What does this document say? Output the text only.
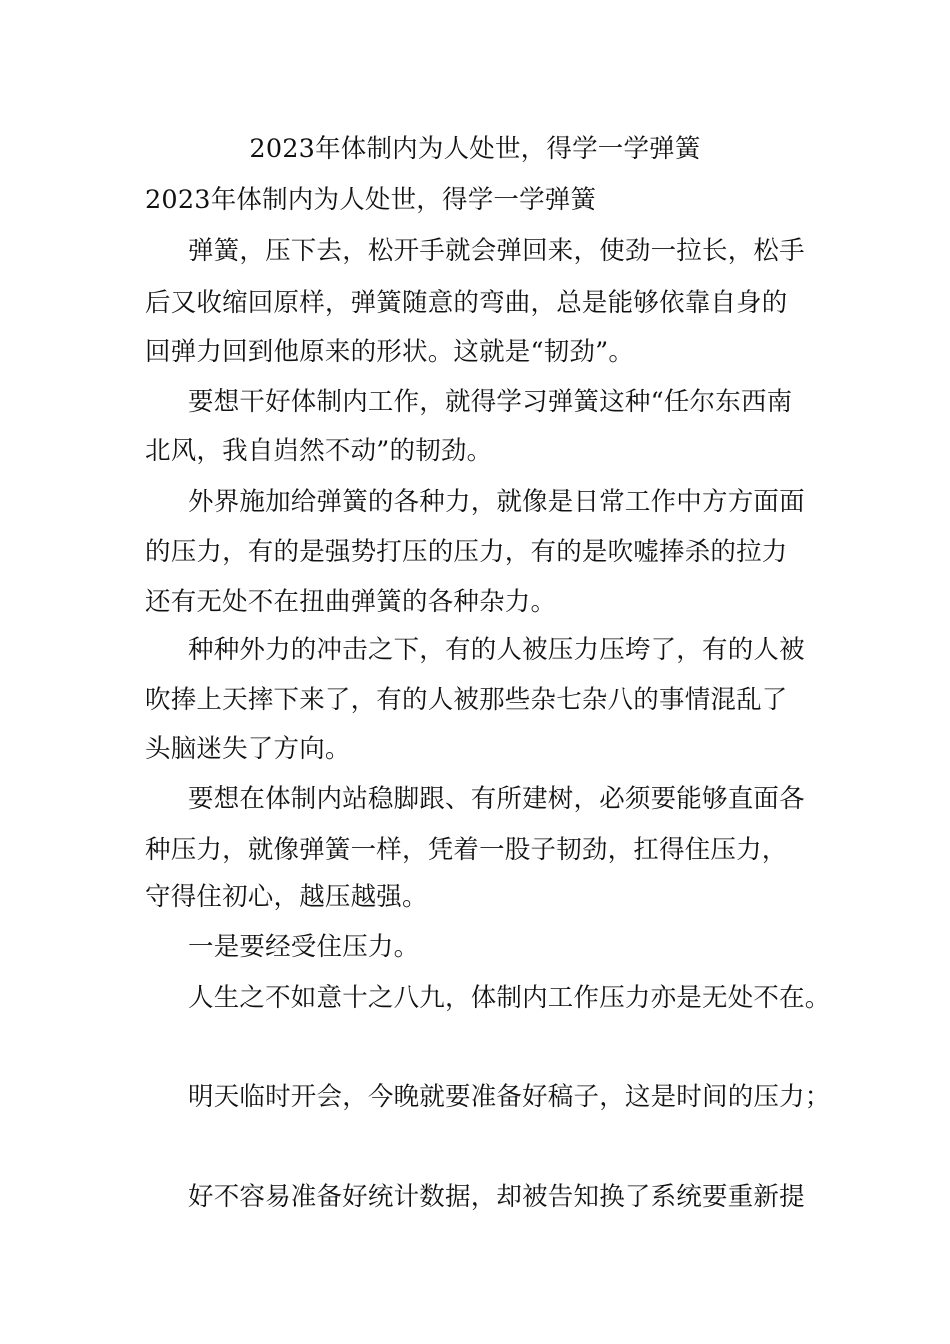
2023年体制内为人处世，得学一学弹簧
2023年体制内为人处世，得学一学弹簧
弹簧，压下去，松开手就会弹回来，使劲一拉长，松手
后又收缩回原样，弹簧随意的弯曲，总是能够依靠自身的
回弹力回到他原来的形状。这就是“韧劲”。
要想干好体制内工作，就得学习弹簧这种“任尔东西南
北风，我自岿然不动”的韧劲。
外界施加给弹簧的各种力，就像是日常工作中方方面面
的压力，有的是强势打压的压力，有的是吹嘘捧杀的拉力
还有无处不在扭曲弹簧的各种杂力。
种种外力的冲击之下，有的人被压力压垮了，有的人被
吹捧上天摔下来了，有的人被那些杂七杂八的事情混乱了
头脑迷失了方向。
要想在体制内站稳脚跟、有所建树，必须要能够直面各
种压力，就像弹簧一样，凭着一股子韧劲，扛得住压力，
守得住初心，越压越强。
一是要经受住压力。
人生之不如意十之八九，体制内工作压力亦是无处不在。
明天临时开会，今晚就要准备好稿子，这是时间的压力；
好不容易准备好统计数据，却被告知换了系统要重新提
